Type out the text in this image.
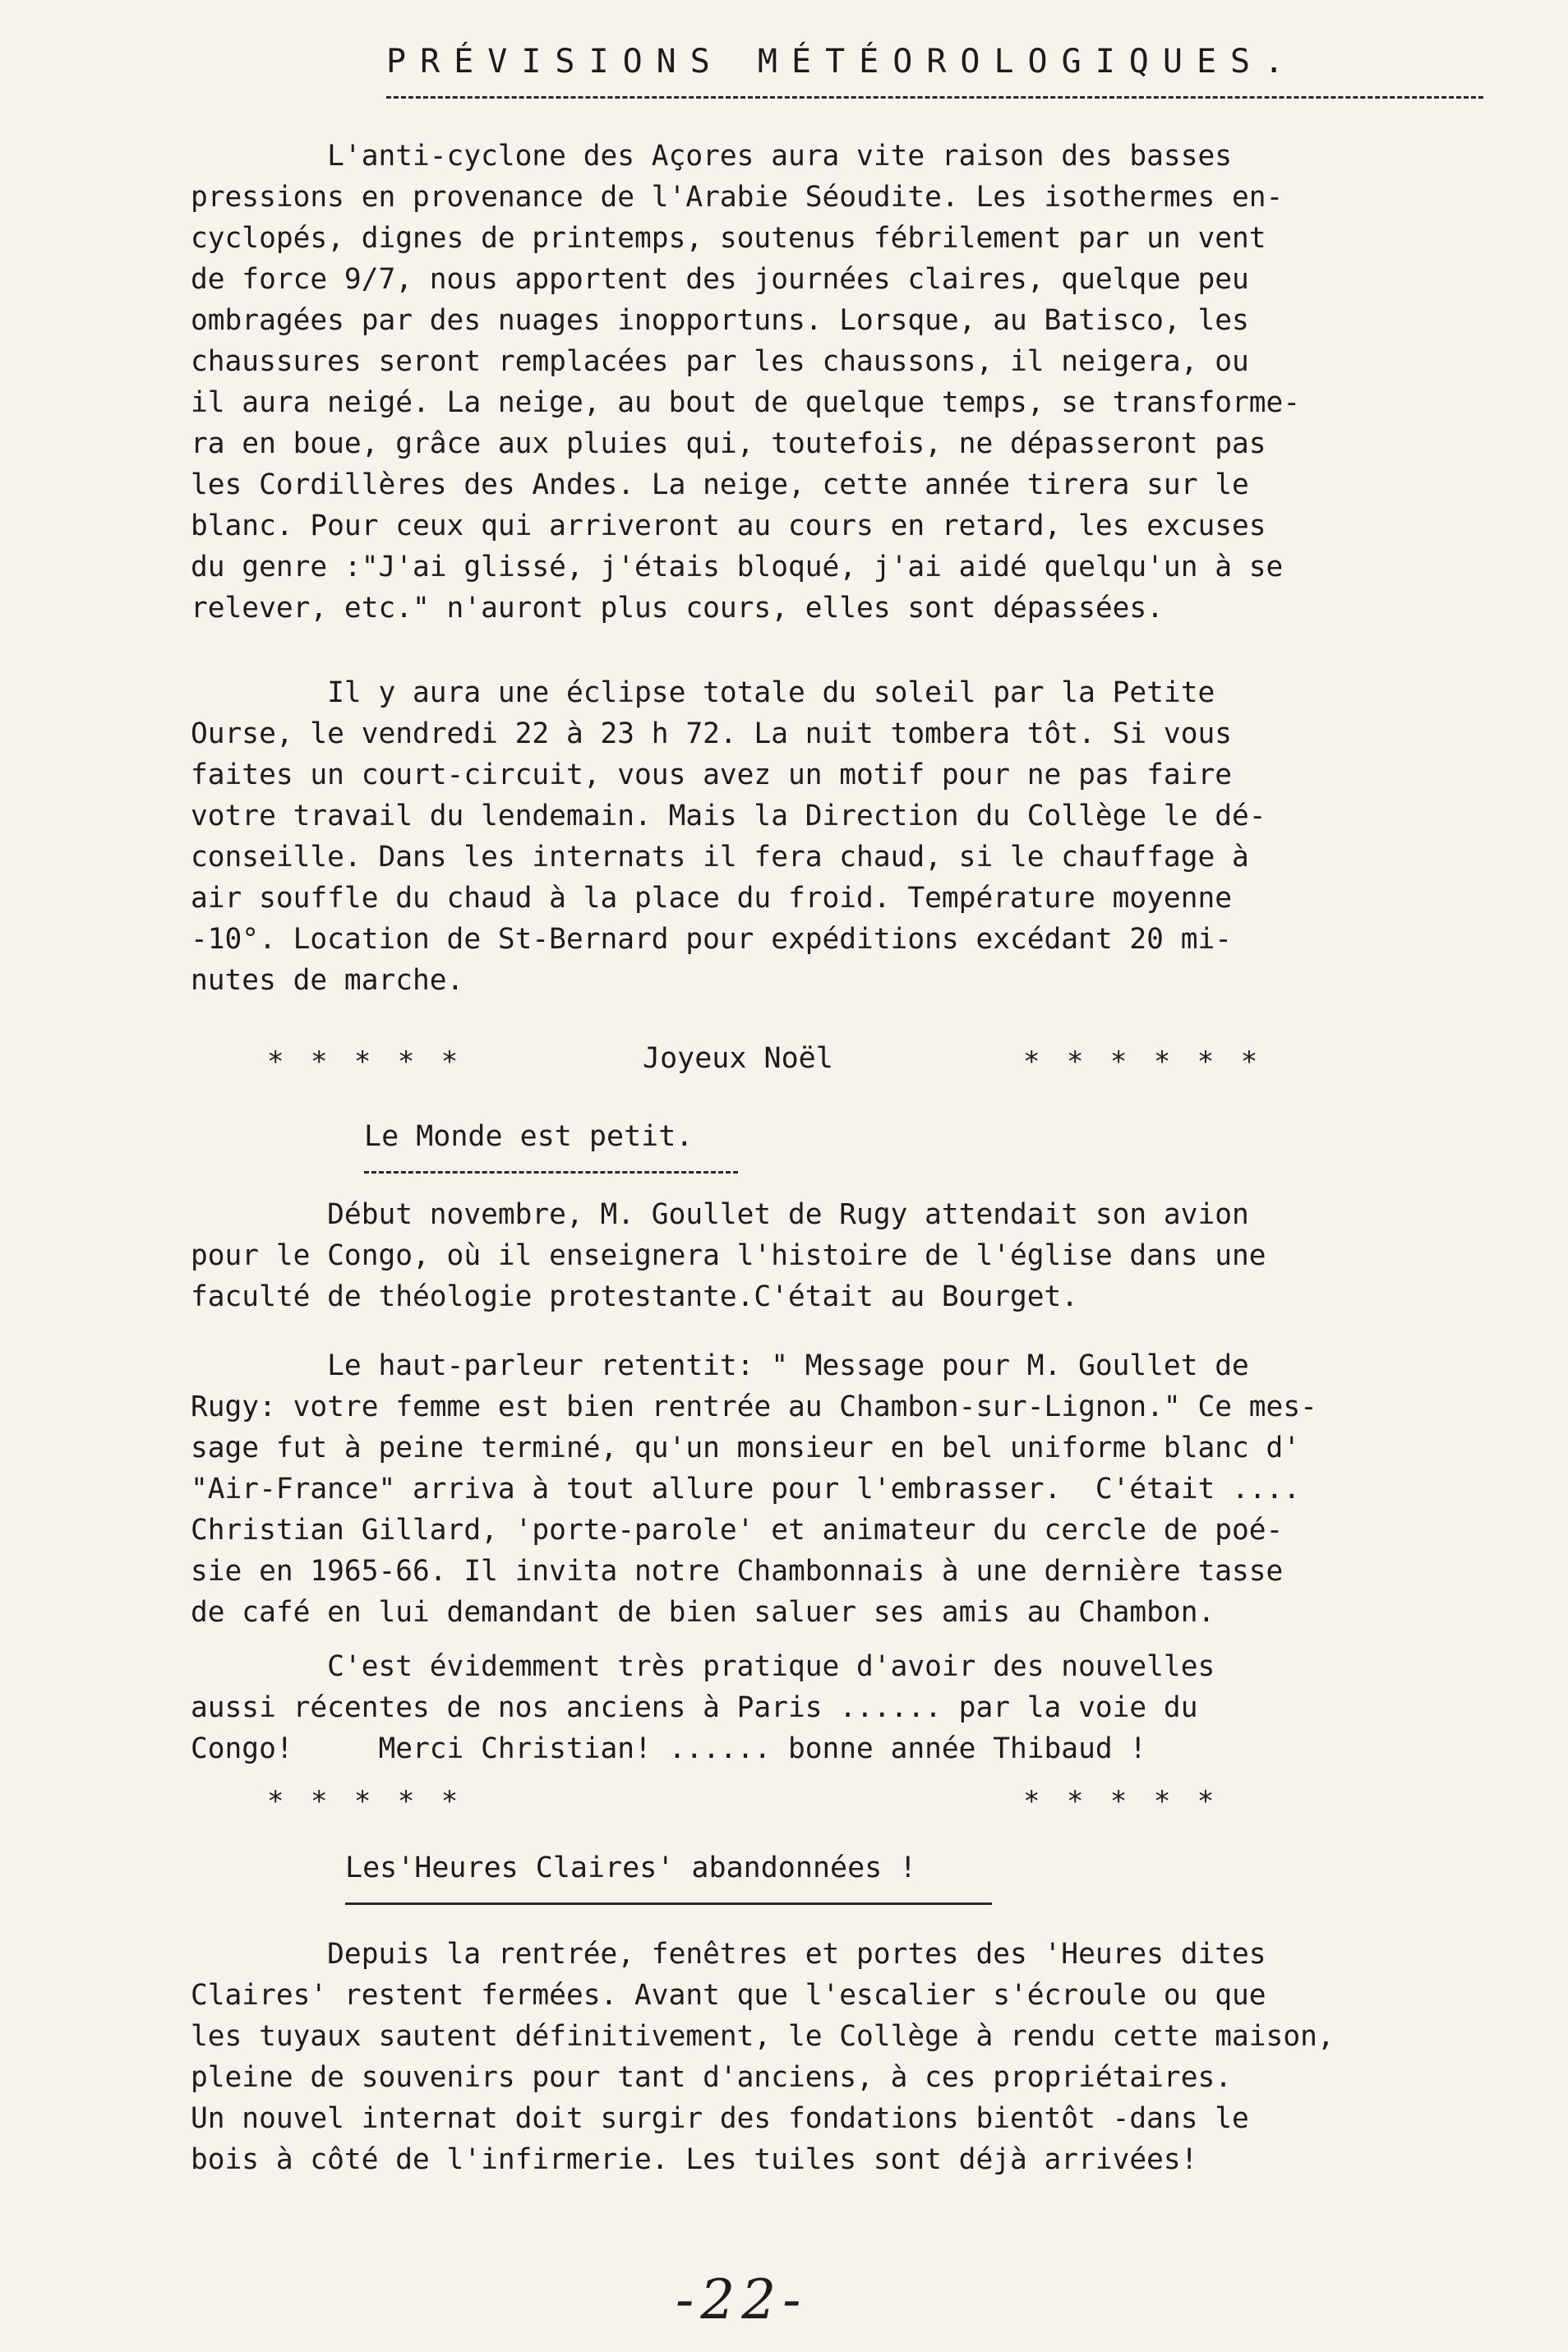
PRÉVISIONS MÉTÉOROLOGIQUES.
L'anti-cyclone des Açores aura vite raison des basses
pressions en provenance de l'Arabie Séoudite. Les isothermes en-
cyclopés, dignes de printemps, soutenus fébrilement par un vent
de force 9/7, nous apportent des journées claires, quelque peu
ombragées par des nuages inopportuns. Lorsque, au Batisco, les
chaussures seront remplacées par les chaussons, il neigera, ou
il aura neigé. La neige, au bout de quelque temps, se transforme-
ra en boue, grâce aux pluies qui, toutefois, ne dépasseront pas
les Cordillères des Andes. La neige, cette année tirera sur le
blanc. Pour ceux qui arriveront au cours en retard, les excuses
du genre :"J'ai glissé, j'étais bloqué, j'ai aidé quelqu'un à se
relever, etc." n'auront plus cours, elles sont dépassées.
Il y aura une éclipse totale du soleil par la Petite
Ourse, le vendredi 22 à 23 h 72. La nuit tombera tôt. Si vous
faites un court-circuit, vous avez un motif pour ne pas faire
votre travail du lendemain. Mais la Direction du Collège le dé-
conseille. Dans les internats il fera chaud, si le chauffage à
air souffle du chaud à la place du froid. Température moyenne
-10°. Location de St-Bernard pour expéditions excédant 20 mi-
nutes de marche.
* * * * *	Joyeux Noël	* * * * * *
Le Monde est petit.
Début novembre, M. Goullet de Rugy attendait son avion
pour le Congo, où il enseignera l'histoire de l'église dans une
faculté de théologie protestante.C'était au Bourget.
Le haut-parleur retentit: " Message pour M. Goullet de
Rugy: votre femme est bien rentrée au Chambon-sur-Lignon." Ce mes-
sage fut à peine terminé, qu'un monsieur en bel uniforme blanc d'
"Air-France" arriva à tout allure pour l'embrasser.  C'était ....
Christian Gillard, 'porte-parole' et animateur du cercle de poé-
sie en 1965-66. Il invita notre Chambonnais à une dernière tasse
de café en lui demandant de bien saluer ses amis au Chambon.
C'est évidemment très pratique d'avoir des nouvelles
aussi récentes de nos anciens à Paris ...... par la voie du
Congo!     Merci Christian! ...... bonne année Thibaud !
* * * * *	* * * * *
Les'Heures Claires' abandonnées !
Depuis la rentrée, fenêtres et portes des 'Heures dites
Claires' restent fermées. Avant que l'escalier s'écroule ou que
les tuyaux sautent définitivement, le Collège à rendu cette maison,
pleine de souvenirs pour tant d'anciens, à ces propriétaires.
Un nouvel internat doit surgir des fondations bientôt -dans le
bois à côté de l'infirmerie. Les tuiles sont déjà arrivées!
-22-
